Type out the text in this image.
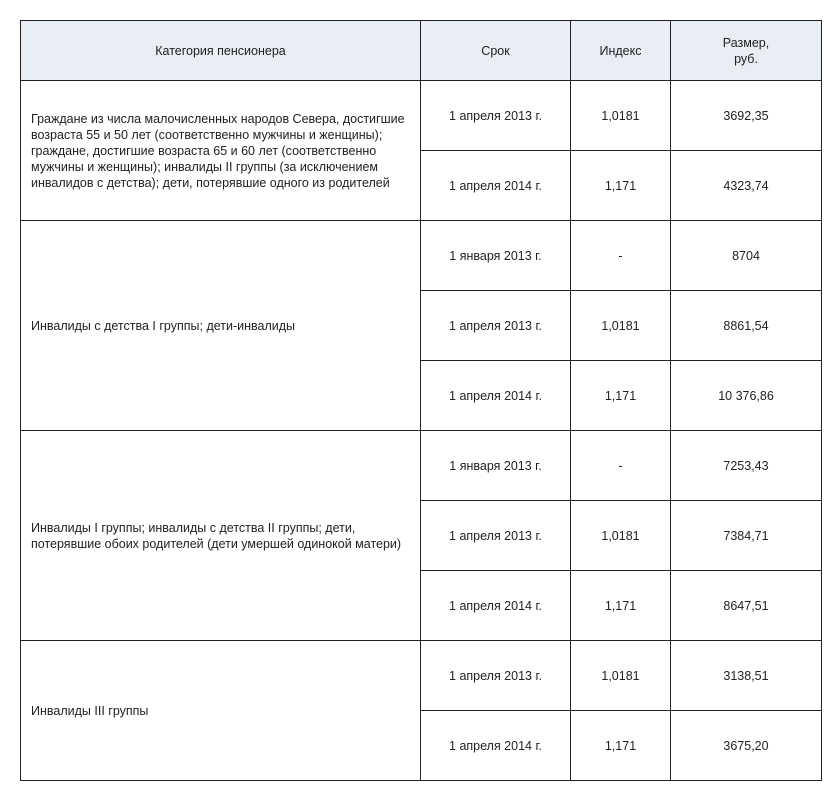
Категория пенсионера	Срок	Индекс	Размер, руб.
Граждане из числа малочисленных народов Севера, достигшие возраста 55 и 50 лет (соответственно мужчины и женщины); граждане, достигшие возраста 65 и 60 лет (соответственно мужчины и женщины); инвалиды II группы (за исключением инвалидов с детства); дети, потерявшие одного из родителей	1 апреля 2013 г.	1,0181	3692,35
	1 апреля 2014 г.	1,171	4323,74
Инвалиды с детства I группы; дети-инвалиды	1 января 2013 г.	-	8704
	1 апреля 2013 г.	1,0181	8861,54
	1 апреля 2014 г.	1,171	10 376,86
Инвалиды I группы; инвалиды с детства II группы; дети, потерявшие обоих родителей (дети умершей одинокой матери)	1 января 2013 г.	-	7253,43
	1 апреля 2013 г.	1,0181	7384,71
	1 апреля 2014 г.	1,171	8647,51
Инвалиды III группы	1 апреля 2013 г.	1,0181	3138,51
	1 апреля 2014 г.	1,171	3675,20
